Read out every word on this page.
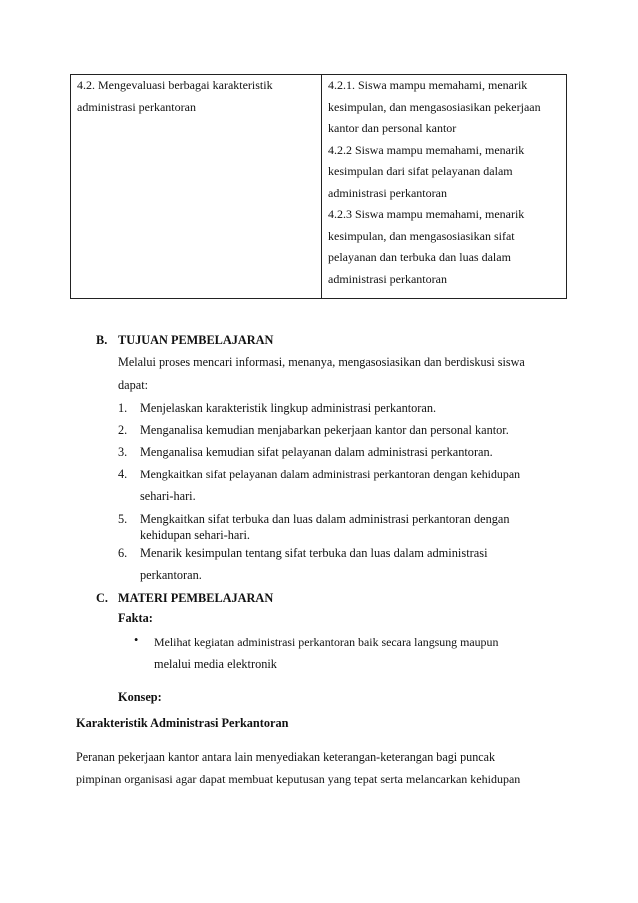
4.2. Mengevaluasi berbagai karakteristik
administrasi perkantoran

4.2.1. Siswa mampu memahami, menarik
kesimpulan, dan mengasosiasikan pekerjaan
kantor dan personal kantor
4.2.2 Siswa mampu memahami, menarik
kesimpulan dari sifat pelayanan dalam
administrasi perkantoran
4.2.3 Siswa mampu memahami, menarik
kesimpulan, dan mengasosiasikan sifat
pelayanan dan terbuka dan luas dalam
administrasi perkantoran
B. TUJUAN PEMBELAJARAN
Melalui proses mencari informasi, menanya, mengasosiasikan dan berdiskusi siswa
dapat:
1. Menjelaskan karakteristik lingkup administrasi perkantoran.
2. Menganalisa kemudian menjabarkan pekerjaan kantor dan personal kantor.
3. Menganalisa kemudian sifat pelayanan dalam administrasi perkantoran.
4. Mengkaitkan sifat pelayanan dalam administrasi perkantoran dengan kehidupan
sehari-hari.
5. Mengkaitkan sifat terbuka dan luas dalam administrasi perkantoran dengan
kehidupan sehari-hari.
6. Menarik kesimpulan tentang sifat terbuka dan luas dalam administrasi
perkantoran.
C. MATERI PEMBELAJARAN
Fakta:
• Melihat kegiatan administrasi perkantoran baik secara langsung maupun
melalui media elektronik
Konsep:
Karakteristik Administrasi Perkantoran
Peranan pekerjaan kantor antara lain menyediakan keterangan-keterangan bagi puncak
pimpinan organisasi agar dapat membuat keputusan yang tepat serta melancarkan kehidupan
